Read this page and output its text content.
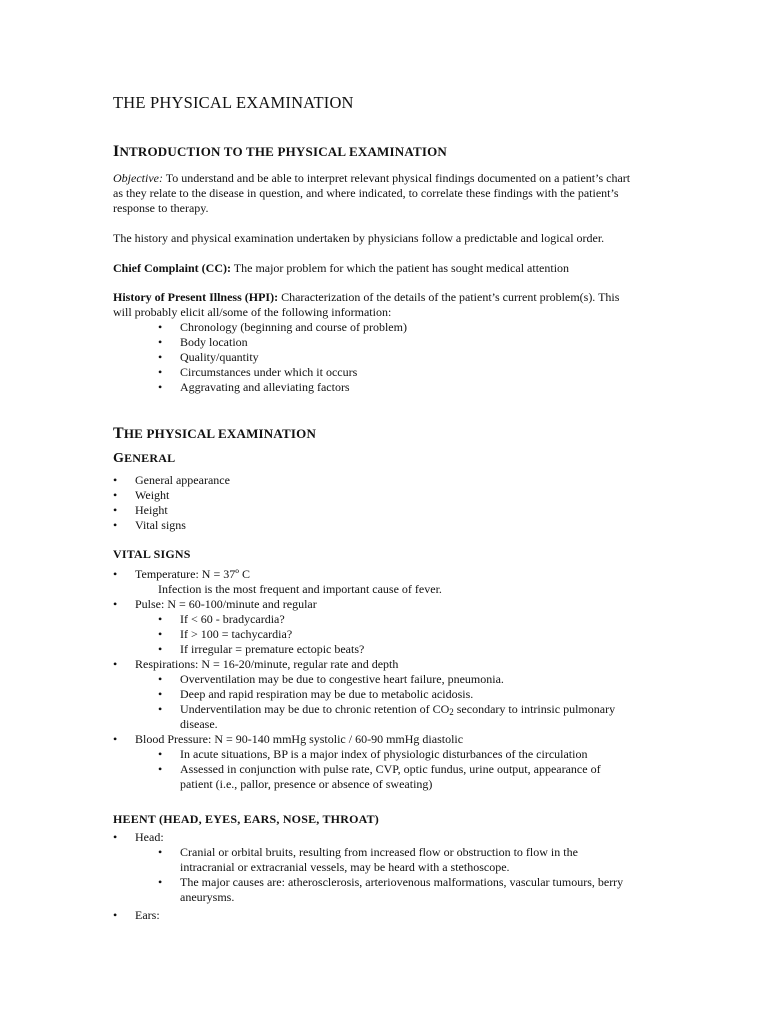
THE PHYSICAL EXAMINATION
INTRODUCTION TO THE PHYSICAL EXAMINATION
Objective: To understand and be able to interpret relevant physical findings documented on a patient’s chart as they relate to the disease in question, and where indicated, to correlate these findings with the patient’s response to therapy.
The history and physical examination undertaken by physicians follow a predictable and logical order.
Chief Complaint (CC): The major problem for which the patient has sought medical attention
History of Present Illness (HPI): Characterization of the details of the patient’s current problem(s). This will probably elicit all/some of the following information:
• Chronology (beginning and course of problem)
• Body location
• Quality/quantity
• Circumstances under which it occurs
• Aggravating and alleviating factors
THE PHYSICAL EXAMINATION
GENERAL
• General appearance
• Weight
• Height
• Vital signs
VITAL SIGNS
• Temperature: N = 37º C
Infection is the most frequent and important cause of fever.
• Pulse: N = 60-100/minute and regular
• If < 60 - bradycardia?
• If > 100 = tachycardia?
• If irregular = premature ectopic beats?
• Respirations: N = 16-20/minute, regular rate and depth
• Overventilation may be due to congestive heart failure, pneumonia.
• Deep and rapid respiration may be due to metabolic acidosis.
• Underventilation may be due to chronic retention of $CO_2$ secondary to intrinsic pulmonary
disease.
• Blood Pressure: N = 90-140 mmHg systolic / 60-90 mmHg diastolic
• In acute situations, BP is a major index of physiologic disturbances of the circulation
• Assessed in conjunction with pulse rate, CVP, optic fundus, urine output, appearance of
patient (i.e., pallor, presence or absence of sweating)
HEENT (HEAD, EYES, EARS, NOSE, THROAT)
• Head:
• Cranial or orbital bruits, resulting from increased flow or obstruction to flow in the
intracranial or extracranial vessels, may be heard with a stethoscope.
• The major causes are: atherosclerosis, arteriovenous malformations, vascular tumours, berry
aneurysms.
• Ears:
